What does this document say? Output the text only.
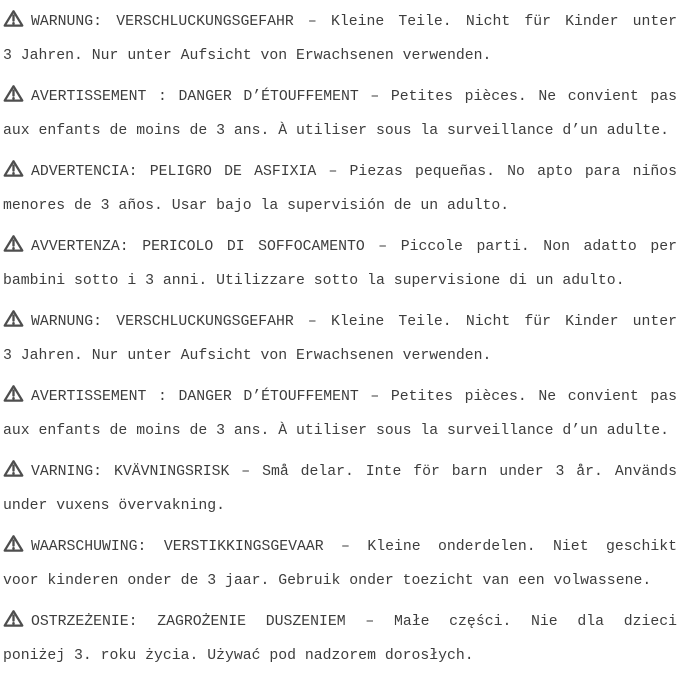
WARNUNG: VERSCHLUCKUNGSGEFAHR – Kleine Teile. Nicht für Kinder unter
3 Jahren. Nur unter Aufsicht von Erwachsenen verwenden.

AVERTISSEMENT : DANGER D’ÉTOUFFEMENT – Petites pièces. Ne convient pas
aux enfants de moins de 3 ans. À utiliser sous la surveillance d’un adulte.

ADVERTENCIA: PELIGRO DE ASFIXIA – Piezas pequeñas. No apto para niños
menores de 3 años. Usar bajo la supervisión de un adulto.

AVVERTENZA: PERICOLO DI SOFFOCAMENTO – Piccole parti. Non adatto per
bambini sotto i 3 anni. Utilizzare sotto la supervisione di un adulto.

WARNUNG: VERSCHLUCKUNGSGEFAHR – Kleine Teile. Nicht für Kinder unter
3 Jahren. Nur unter Aufsicht von Erwachsenen verwenden.

AVERTISSEMENT : DANGER D’ÉTOUFFEMENT – Petites pièces. Ne convient pas
aux enfants de moins de 3 ans. À utiliser sous la surveillance d’un adulte.

VARNING: KVÄVNINGSRISK – Små delar. Inte för barn under 3 år. Används
under vuxens övervakning.

WAARSCHUWING: VERSTIKKINGSGEVAAR – Kleine onderdelen. Niet geschikt
voor kinderen onder de 3 jaar. Gebruik onder toezicht van een volwassene.

OSTRZEŻENIE: ZAGROŻENIE DUSZENIEM – Małe części. Nie dla dzieci
poniżej 3. roku życia. Używać pod nadzorem dorosłych.
